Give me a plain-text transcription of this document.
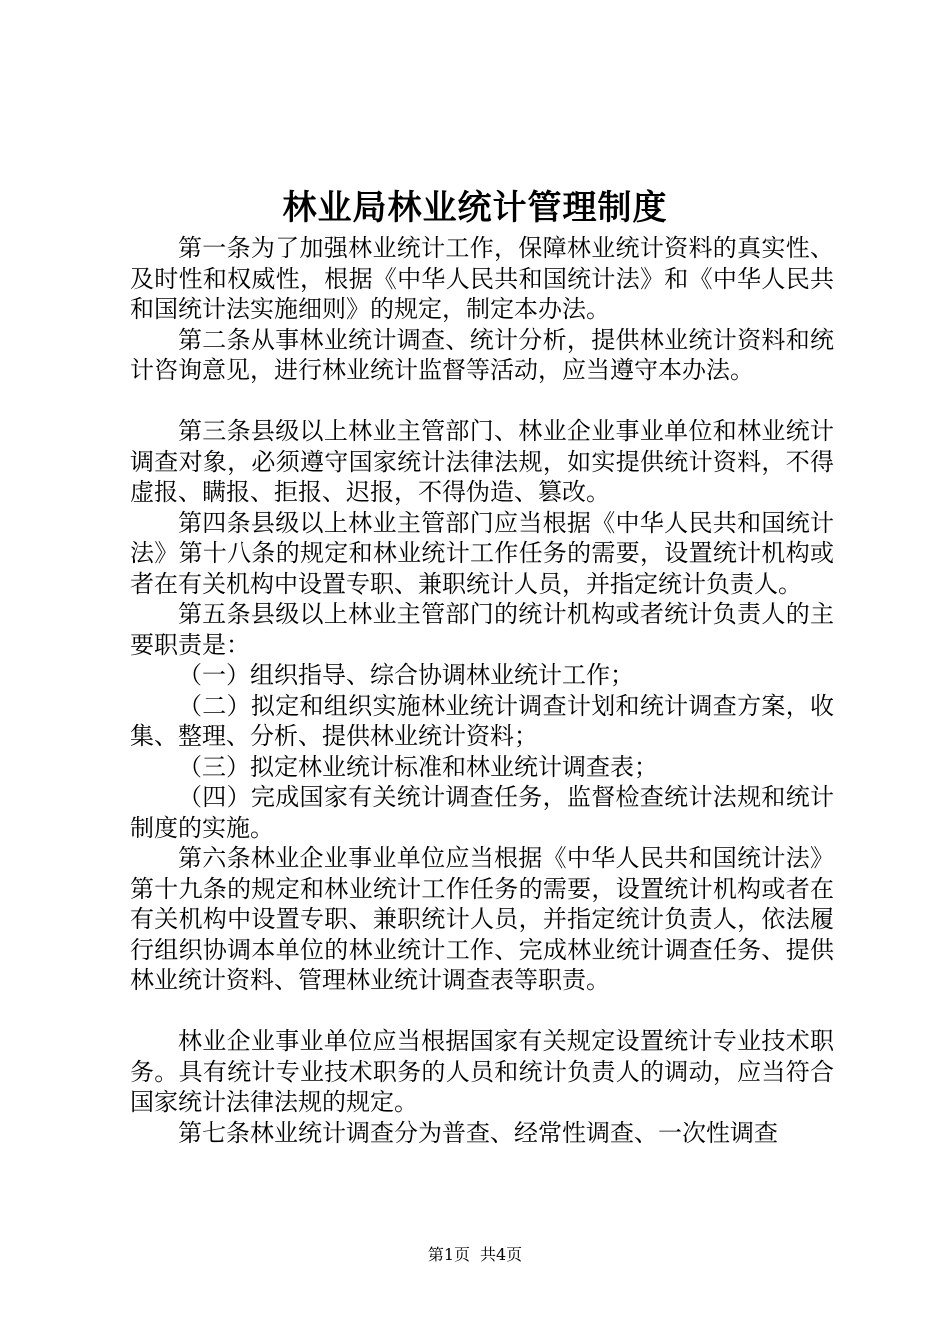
林业局林业统计管理制度

第一条为了加强林业统计工作，保障林业统计资料的真实性、及时性和权威性，根据《中华人民共和国统计法》和《中华人民共和国统计法实施细则》的规定，制定本办法。

第二条从事林业统计调查、统计分析，提供林业统计资料和统计咨询意见，进行林业统计监督等活动，应当遵守本办法。

第三条县级以上林业主管部门、林业企业事业单位和林业统计调查对象，必须遵守国家统计法律法规，如实提供统计资料，不得虚报、瞒报、拒报、迟报，不得伪造、篡改。

第四条县级以上林业主管部门应当根据《中华人民共和国统计法》第十八条的规定和林业统计工作任务的需要，设置统计机构或者在有关机构中设置专职、兼职统计人员，并指定统计负责人。

第五条县级以上林业主管部门的统计机构或者统计负责人的主要职责是：

（一）组织指导、综合协调林业统计工作；

（二）拟定和组织实施林业统计调查计划和统计调查方案，收集、整理、分析、提供林业统计资料；

（三）拟定林业统计标准和林业统计调查表；

（四）完成国家有关统计调查任务，监督检查统计法规和统计制度的实施。

第六条林业企业事业单位应当根据《中华人民共和国统计法》第十九条的规定和林业统计工作任务的需要，设置统计机构或者在有关机构中设置专职、兼职统计人员，并指定统计负责人，依法履行组织协调本单位的林业统计工作、完成林业统计调查任务、提供林业统计资料、管理林业统计调查表等职责。

林业企业事业单位应当根据国家有关规定设置统计专业技术职务。具有统计专业技术职务的人员和统计负责人的调动，应当符合国家统计法律法规的规定。

第七条林业统计调查分为普查、经常性调查、一次性调查

第1页 共4页
